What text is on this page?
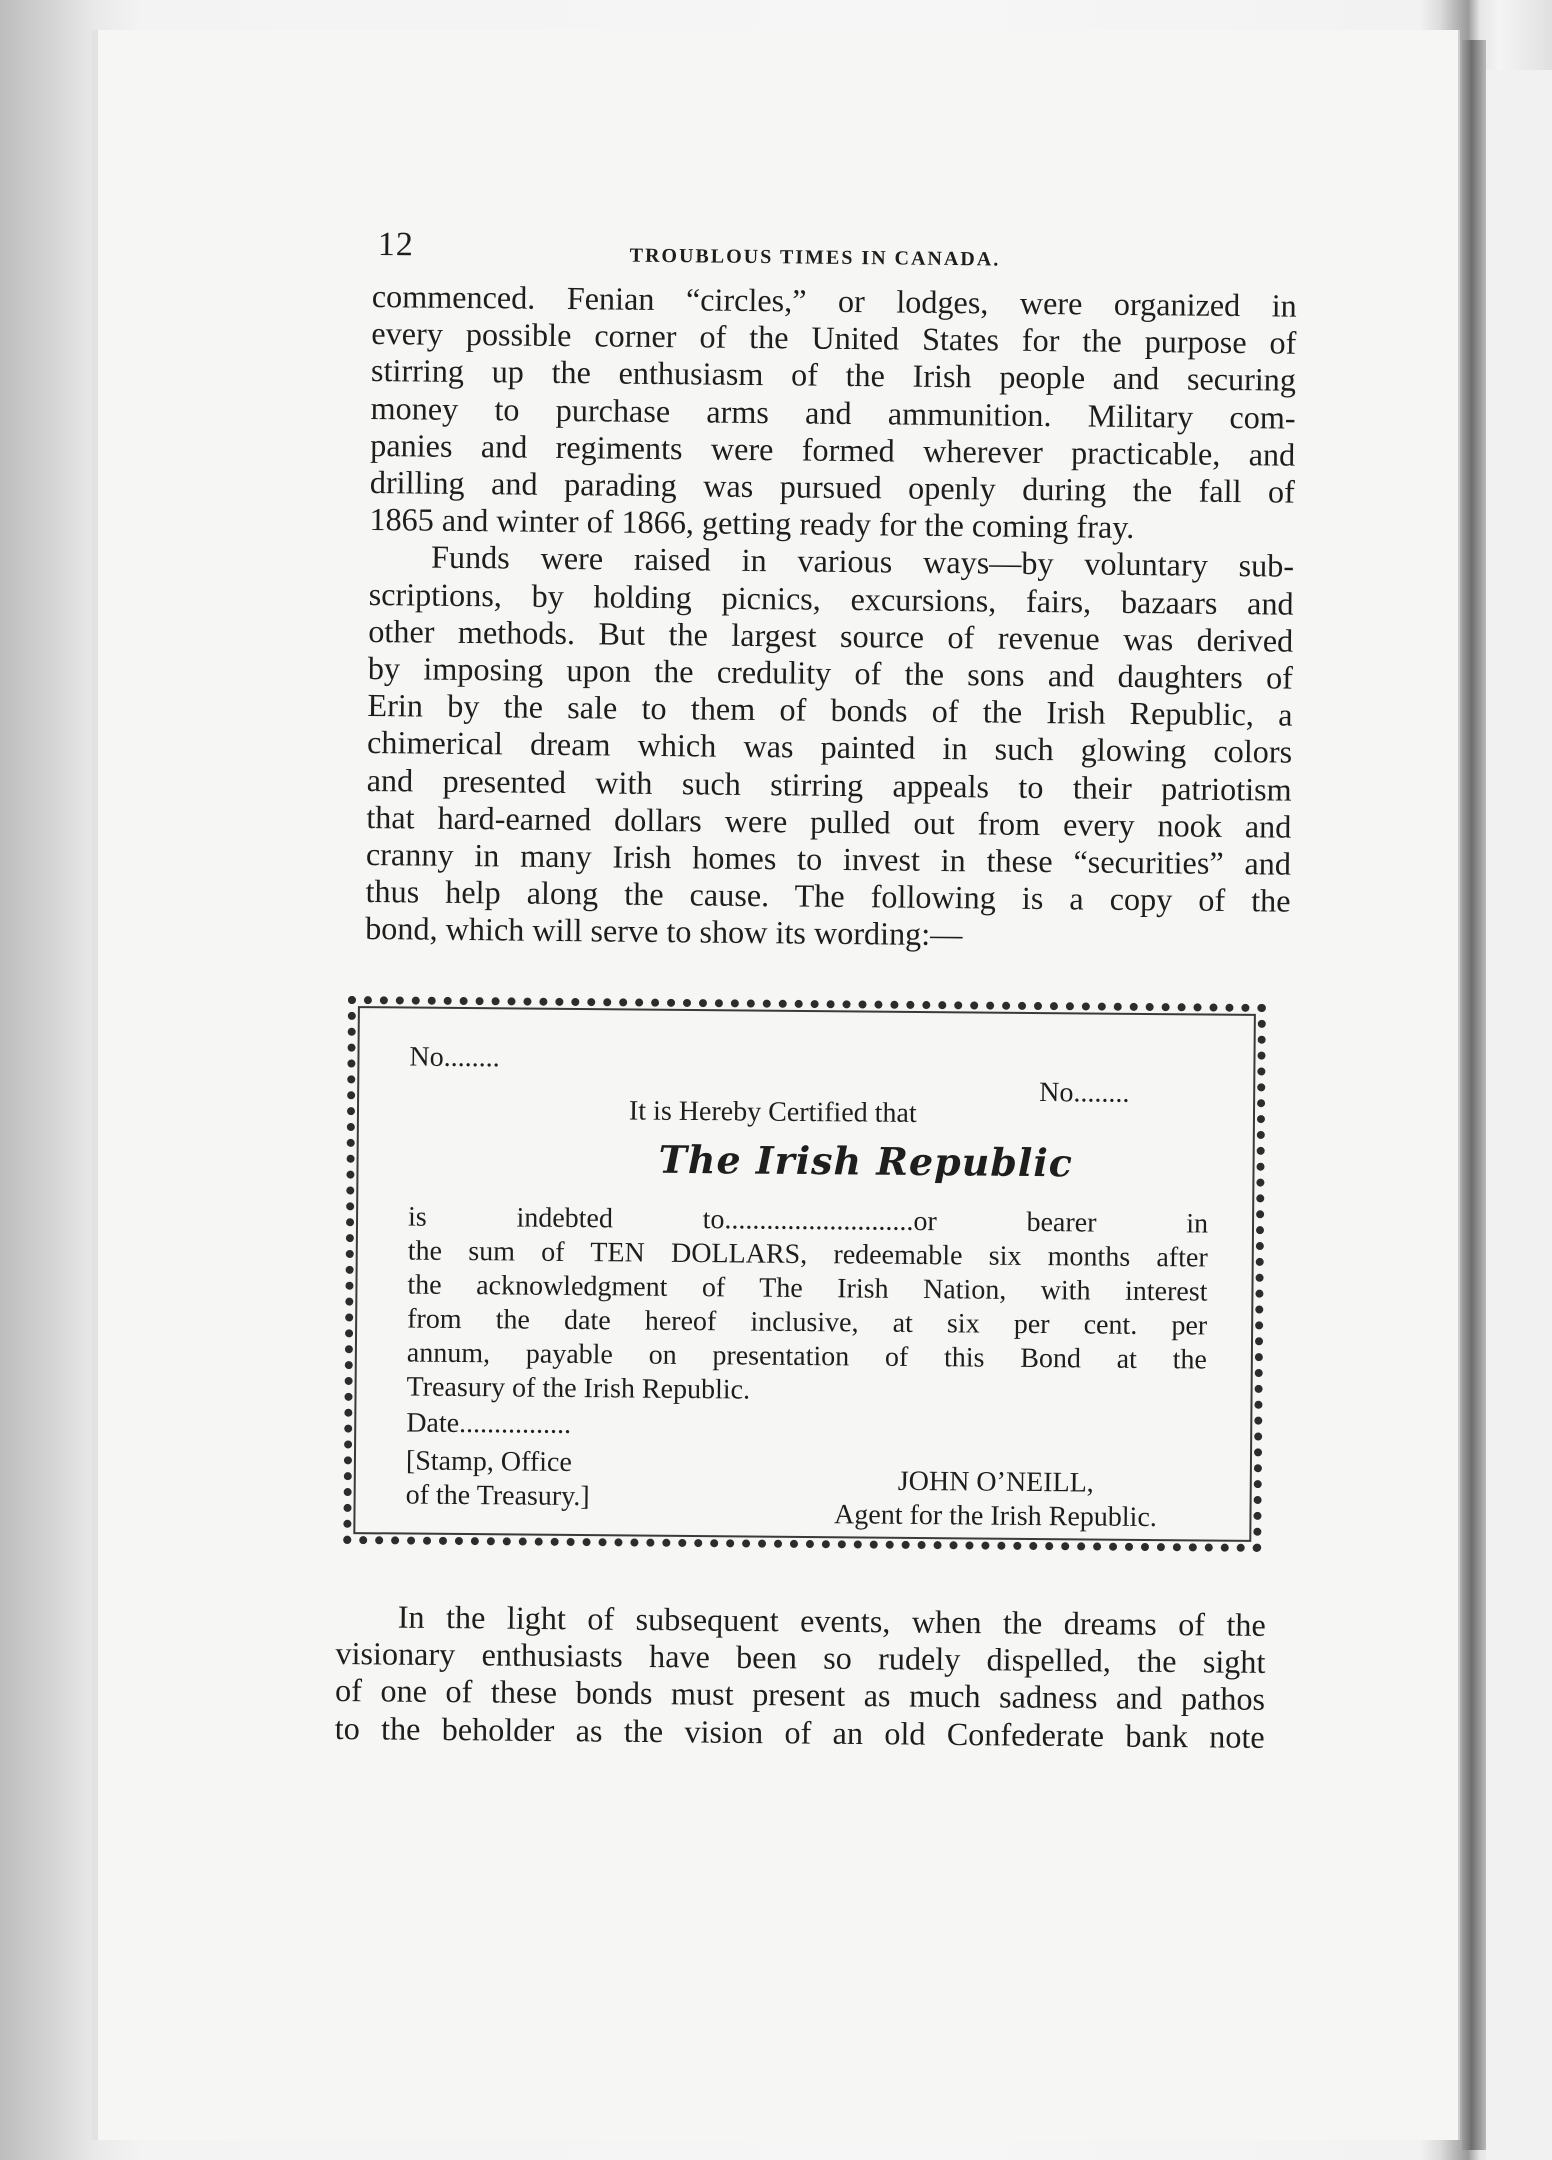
12	TROUBLOUS TIMES IN CANADA.
commenced. Fenian “circles,” or lodges, were organized in
every possible corner of the United States for the purpose of
stirring up the enthusiasm of the Irish people and securing
money to purchase arms and ammunition. Military com-
panies and regiments were formed wherever practicable, and
drilling and parading was pursued openly during the fall of
1865 and winter of 1866, getting ready for the coming fray.
Funds were raised in various ways—by voluntary sub-
scriptions, by holding picnics, excursions, fairs, bazaars and
other methods. But the largest source of revenue was derived
by imposing upon the credulity of the sons and daughters of
Erin by the sale to them of bonds of the Irish Republic, a
chimerical dream which was painted in such glowing colors
and presented with such stirring appeals to their patriotism
that hard-earned dollars were pulled out from every nook and
cranny in many Irish homes to invest in these “securities” and
thus help along the cause. The following is a copy of the
bond, which will serve to show its wording:—
No........
No........
It is Hereby Certified that
The Irish Republic
is indebted to...........................or bearer in
the sum of TEN DOLLARS, redeemable six months after
the acknowledgment of The Irish Nation, with interest
from the date hereof inclusive, at six per cent. per
annum, payable on presentation of this Bond at the
Treasury of the Irish Republic.
Date................
[Stamp, Office
of the Treasury.]	JOHN O’NEILL,
Agent for the Irish Republic.
In the light of subsequent events, when the dreams of the
visionary enthusiasts have been so rudely dispelled, the sight
of one of these bonds must present as much sadness and pathos
to the beholder as the vision of an old Confederate bank note
